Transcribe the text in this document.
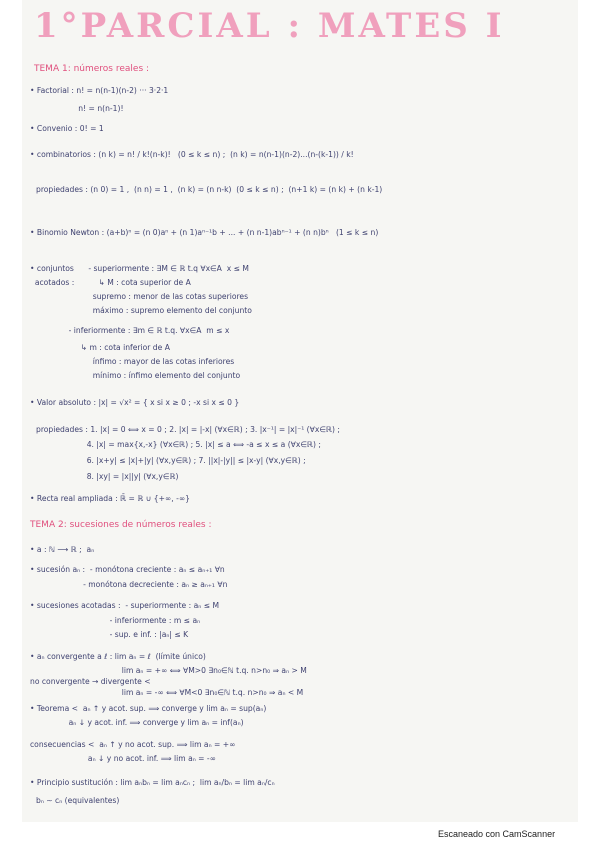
1°PARCIAL : MATES I
TEMA 1: números reales :
• Factorial : n! = n(n-1)(n-2) ··· 3·2·1
n! = n(n-1)!
• Convenio : 0! = 1
• combinatorios : (n k) = n! / k!(n-k)!   (0 ≤ k ≤ n) ;  (n k) = n(n-1)(n-2)...(n-(k-1)) / k!
propiedades : (n 0) = 1 ,  (n n) = 1 ,  (n k) = (n n-k)  (0 ≤ k ≤ n) ;  (n+1 k) = (n k) + (n k-1)
• Binomio Newton : (a+b)ⁿ = (n 0)aⁿ + (n 1)aⁿ⁻¹b + ... + (n n-1)abⁿ⁻¹ + (n n)bⁿ   (1 ≤ k ≤ n)
• conjuntos      - superiormente : ∃M ∈ ℝ t.q ∀x∈A  x ≤ M
acotados :          ↳ M : cota superior de A
supremo : menor de las cotas superiores
máximo : supremo elemento del conjunto
- inferiormente : ∃m ∈ ℝ t.q. ∀x∈A  m ≤ x
↳ m : cota inferior de A
ínfimo : mayor de las cotas inferiores
mínimo : ínfimo elemento del conjunto
• Valor absoluto : |x| = √x² = { x si x ≥ 0 ; -x si x ≤ 0 }
propiedades : 1. |x| = 0 ⟺ x = 0 ; 2. |x| = |-x| (∀x∈ℝ) ; 3. |x⁻¹| = |x|⁻¹ (∀x∈ℝ) ;
4. |x| = max{x,-x} (∀x∈ℝ) ; 5. |x| ≤ a ⟺ -a ≤ x ≤ a (∀x∈ℝ) ;
6. |x+y| ≤ |x|+|y| (∀x,y∈ℝ) ; 7. ||x|-|y|| ≤ |x-y| (∀x,y∈ℝ) ;
8. |xy| = |x||y| (∀x,y∈ℝ)
• Recta real ampliada : ℝ̄ = ℝ ∪ {+∞, -∞}
TEMA 2: sucesiones de números reales :
• a : ℕ ⟶ ℝ ;  aₙ
• sucesión aₙ :  - monótona creciente : aₙ ≤ aₙ₊₁ ∀n
- monótona decreciente : aₙ ≥ aₙ₊₁ ∀n
• sucesiones acotadas :  - superiormente : aₙ ≤ M
- inferiormente : m ≤ aₙ
- sup. e inf. : |aₙ| ≤ K
• aₙ convergente a ℓ : lim aₙ = ℓ  (límite único)
lim aₙ = +∞ ⟺ ∀M>0 ∃n₀∈ℕ t.q. n>n₀ ⇒ aₙ > M
no convergente → divergente <
lim aₙ = -∞ ⟺ ∀M<0 ∃n₀∈ℕ t.q. n>n₀ ⇒ aₙ < M
• Teorema <  aₙ ↑ y acot. sup. ⟹ converge y lim aₙ = sup(aₙ)
aₙ ↓ y acot. inf. ⟹ converge y lim aₙ = inf(aₙ)
consecuencias <  aₙ ↑ y no acot. sup. ⟹ lim aₙ = +∞
aₙ ↓ y no acot. inf. ⟹ lim aₙ = -∞
• Principio sustitución : lim aₙbₙ = lim aₙcₙ ;  lim aₙ/bₙ = lim aₙ/cₙ
bₙ ∼ cₙ (equivalentes)
Escaneado con CamScanner
